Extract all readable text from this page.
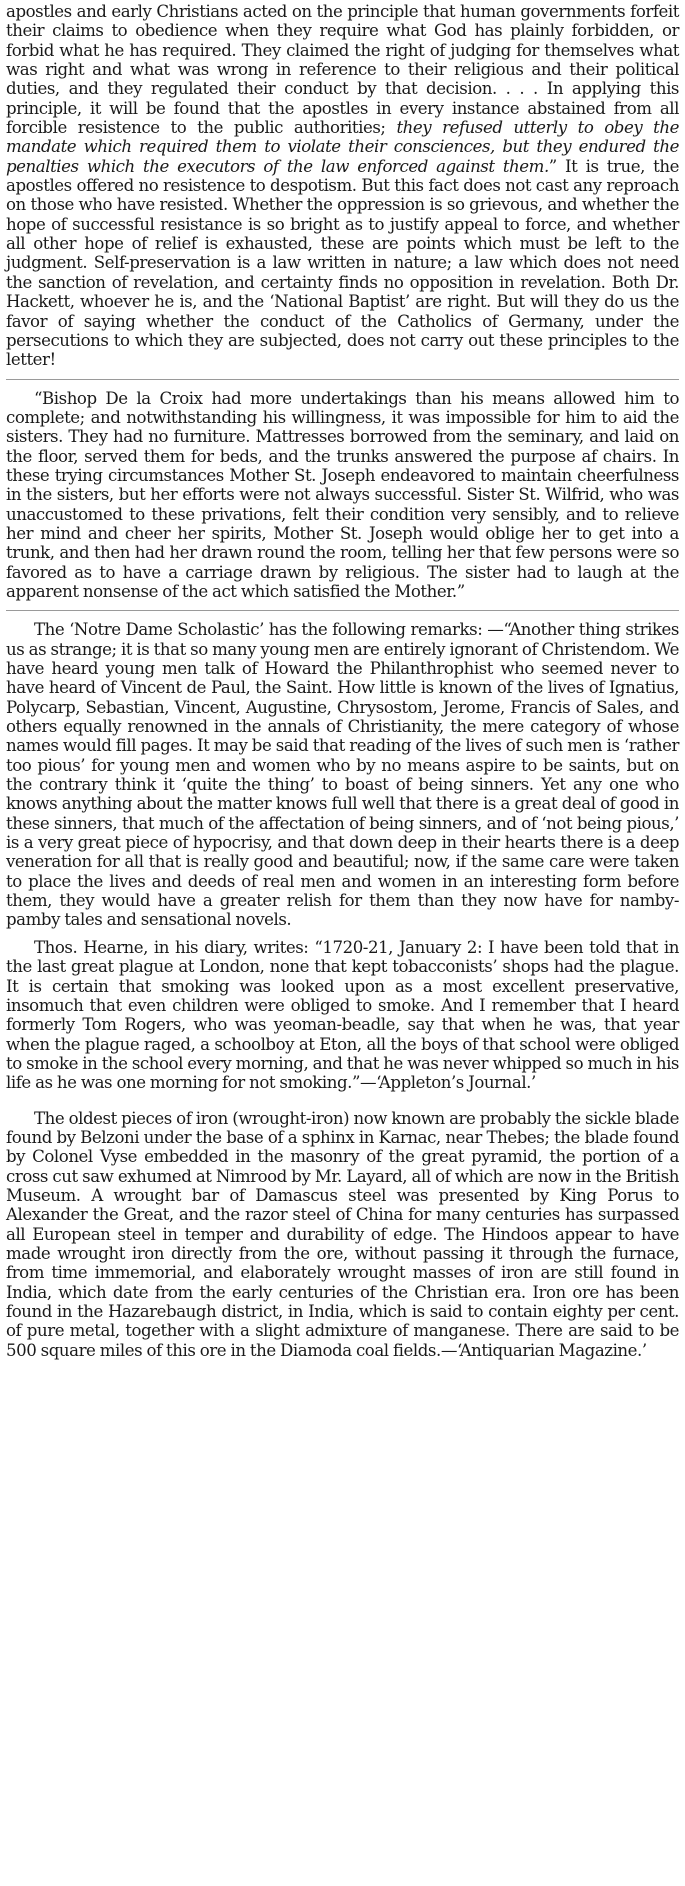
apostles and early Christians acted on the principle that human governments forfeit their claims to obedience when they require what God has plainly forbidden, or forbid what he has required. They claimed the right of judging for themselves what was right and what was wrong in reference to their religious and their political duties, and they regulated their conduct by that decision. . . . In applying this principle, it will be found that the apostles in every instance abstained from all forcible resistence to the public authorities; they refused utterly to obey the mandate which required them to violate their consciences, but they endured the penalties which the executors of the law enforced against them.” It is true, the apostles offered no resistence to despotism. But this fact does not cast any reproach on those who have resisted. Whether the oppression is so grievous, and whether the hope of successful resistance is so bright as to justify appeal to force, and whether all other hope of relief is exhausted, these are points which must be left to the judgment. Self-preservation is a law written in nature; a law which does not need the sanction of revelation, and certainty finds no opposition in revelation. Both Dr. Hackett, whoever he is, and the ‘National Baptist’ are right. But will they do us the favor of saying whether the conduct of the Catholics of Germany, under the persecutions to which they are subjected, does not carry out these principles to the letter!

“Bishop De la Croix had more undertakings than his means allowed him to complete; and notwithstanding his willingness, it was impossible for him to aid the sisters. They had no furniture. Mattresses borrowed from the seminary, and laid on the floor, served them for beds, and the trunks answered the purpose af chairs. In these trying circumstances Mother St. Joseph endeavored to maintain cheerfulness in the sisters, but her efforts were not always successful. Sister St. Wilfrid, who was unaccustomed to these privations, felt their condition very sensibly, and to relieve her mind and cheer her spirits, Mother St. Joseph would oblige her to get into a trunk, and then had her drawn round the room, telling her that few persons were so favored as to have a carriage drawn by religious. The sister had to laugh at the apparent nonsense of the act which satisfied the Mother.”

The ‘Notre Dame Scholastic’ has the following remarks: —“Another thing strikes us as strange; it is that so many young men are entirely ignorant of Christendom. We have heard young men talk of Howard the Philanthrophist who seemed never to have heard of Vincent de Paul, the Saint. How little is known of the lives of Ignatius, Polycarp, Sebastian, Vincent, Augustine, Chrysostom, Jerome, Francis of Sales, and others equally renowned in the annals of Christianity, the mere category of whose names would fill pages. It may be said that reading of the lives of such men is ‘rather too pious’ for young men and women who by no means aspire to be saints, but on the contrary think it ‘quite the thing’ to boast of being sinners. Yet any one who knows anything about the matter knows full well that there is a great deal of good in these sinners, that much of the affectation of being sinners, and of ‘not being pious,’ is a very great piece of hypocrisy, and that down deep in their hearts there is a deep veneration for all that is really good and beautiful; now, if the same care were taken to place the lives and deeds of real men and women in an interesting form before them, they would have a greater relish for them than they now have for namby-pamby tales and sensational novels.

Thos. Hearne, in his diary, writes: “1720-21, January 2: I have been told that in the last great plague at London, none that kept tobacconists’ shops had the plague. It is certain that smoking was looked upon as a most excellent preservative, insomuch that even children were obliged to smoke. And I remember that I heard formerly Tom Rogers, who was yeoman-beadle, say that when he was, that year when the plague raged, a schoolboy at Eton, all the boys of that school were obliged to smoke in the school every morning, and that he was never whipped so much in his life as he was one morning for not smoking.”—‘Appleton’s Journal.’

The oldest pieces of iron (wrought-iron) now known are probably the sickle blade found by Belzoni under the base of a sphinx in Karnac, near Thebes; the blade found by Colonel Vyse embedded in the masonry of the great pyramid, the portion of a cross cut saw exhumed at Nimrood by Mr. Layard, all of which are now in the British Museum. A wrought bar of Damascus steel was presented by King Porus to Alexander the Great, and the razor steel of China for many centuries has surpassed all European steel in temper and durability of edge. The Hindoos appear to have made wrought iron directly from the ore, without passing it through the furnace, from time immemorial, and elaborately wrought masses of iron are still found in India, which date from the early centuries of the Christian era. Iron ore has been found in the Hazarebaugh district, in India, which is said to contain eighty per cent. of pure metal, together with a slight admixture of manganese. There are said to be 500 square miles of this ore in the Diamoda coal fields.—‘Antiquarian Magazine.’
